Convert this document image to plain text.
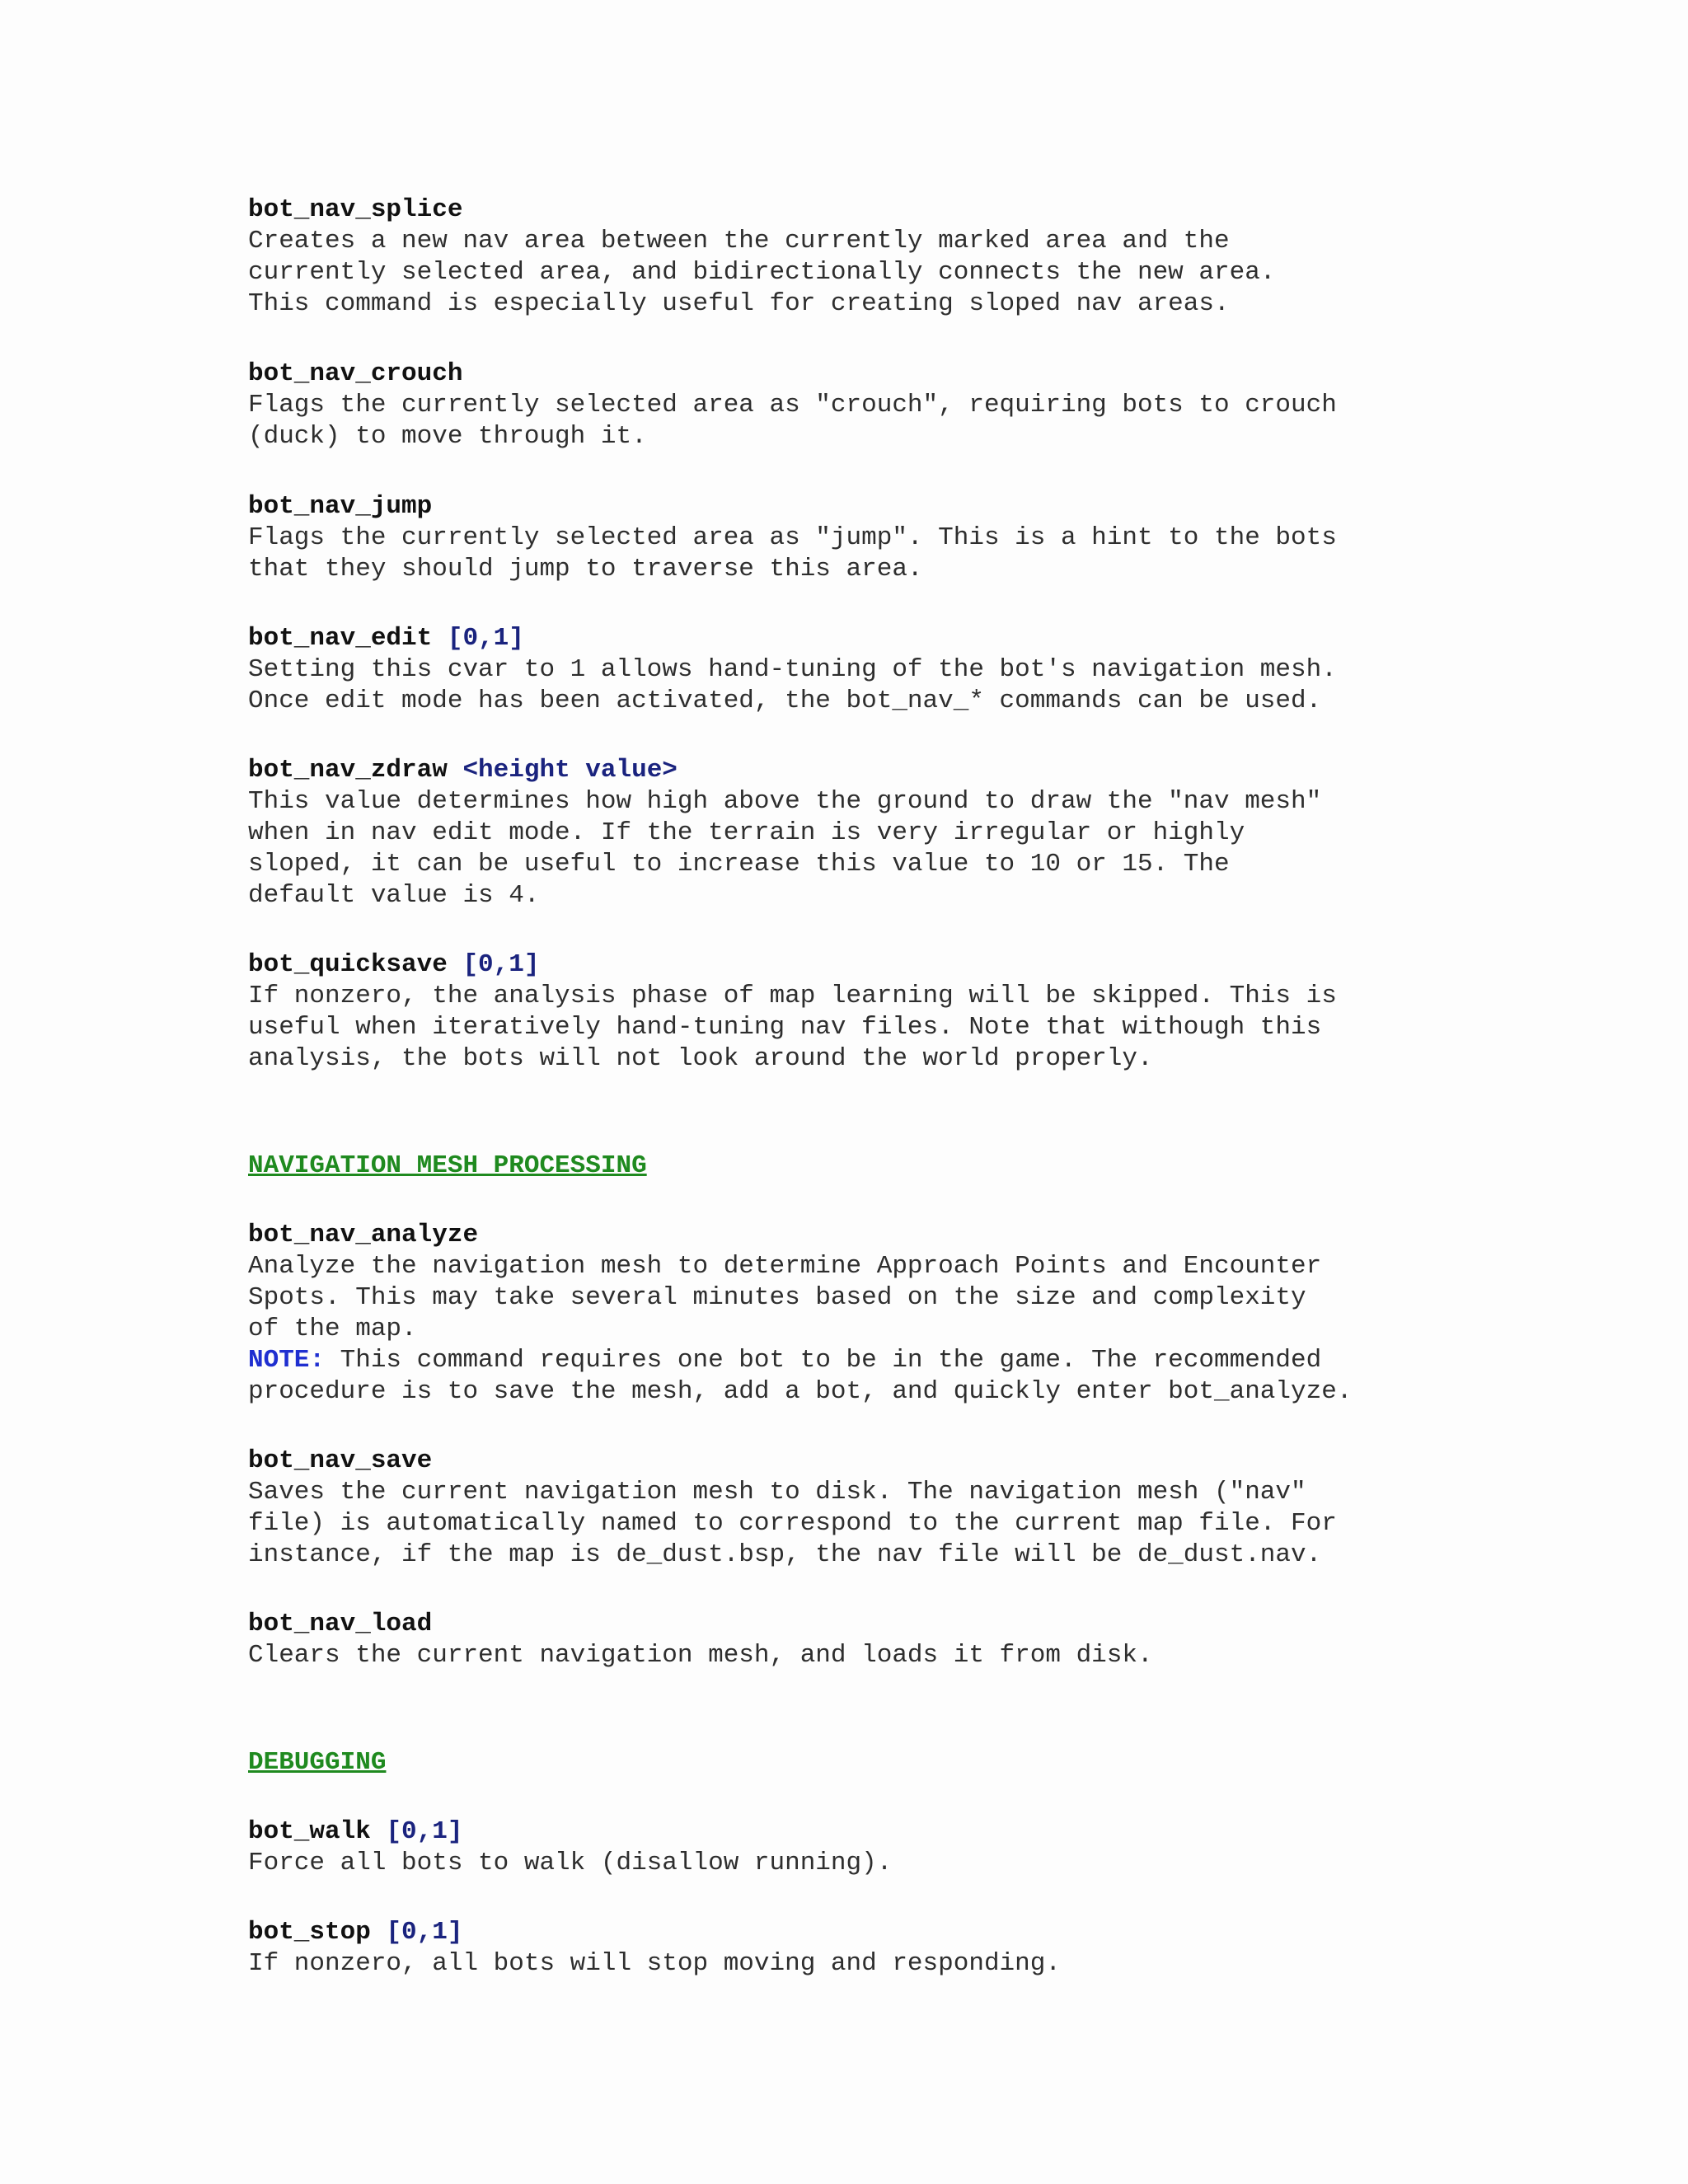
bot_nav_splice

Creates a new nav area between the currently marked area and the

currently selected area, and bidirectionally connects the new area.

This command is especially useful for creating sloped nav areas.

bot_nav_crouch

Flags the currently selected area as "crouch", requiring bots to crouch

(duck) to move through it.

bot_nav_jump

Flags the currently selected area as "jump". This is a hint to the bots

that they should jump to traverse this area.

bot_nav_edit [0,1]

Setting this cvar to 1 allows hand-tuning of the bot's navigation mesh.

Once edit mode has been activated, the bot_nav_* commands can be used.

bot_nav_zdraw <height value>

This value determines how high above the ground to draw the "nav mesh"

when in nav edit mode. If the terrain is very irregular or highly

sloped, it can be useful to increase this value to 10 or 15. The

default value is 4.

bot_quicksave [0,1]

If nonzero, the analysis phase of map learning will be skipped. This is

useful when iteratively hand-tuning nav files. Note that withough this

analysis, the bots will not look around the world properly.

NAVIGATION MESH PROCESSING

bot_nav_analyze

Analyze the navigation mesh to determine Approach Points and Encounter

Spots. This may take several minutes based on the size and complexity

of the map.

NOTE: This command requires one bot to be in the game. The recommended

procedure is to save the mesh, add a bot, and quickly enter bot_analyze.

bot_nav_save

Saves the current navigation mesh to disk. The navigation mesh ("nav"

file) is automatically named to correspond to the current map file. For

instance, if the map is de_dust.bsp, the nav file will be de_dust.nav.

bot_nav_load

Clears the current navigation mesh, and loads it from disk.

DEBUGGING

bot_walk [0,1]

Force all bots to walk (disallow running).

bot_stop [0,1]

If nonzero, all bots will stop moving and responding.
